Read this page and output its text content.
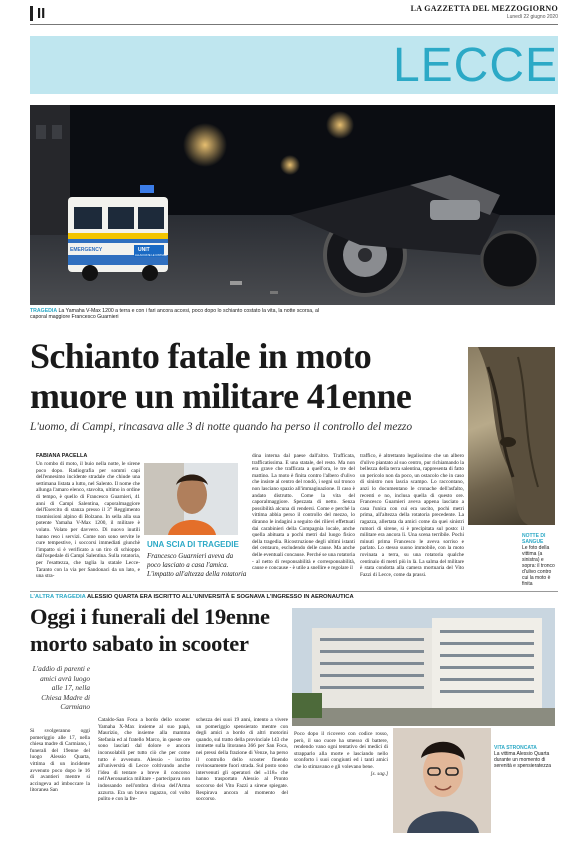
II	LA GAZZETTA DEL MEZZOGIORNO
Lunedì 22 giugno 2020
LECCE
EMERGENCY	UNIT
ALLACCIATE LE CINTURE
TRAGEDIA La Yamaha V-Max 1200 a terra e con i fari ancora accesi, poco dopo lo schianto costato la vita, la notte scorsa, al caporal maggiore Francesco Guarnieri
Schianto fatale in moto
muore un militare 41enne
L'uomo, di Campi, rincasava alle 3 di notte quando ha perso il controllo del mezzo
NOTTE DI SANGUE
Le foto della vittima (a sinistra) e sopra: il tronco d'ulivo contro cui la moto è finita
FABIANA PACELLA
Un rombo di moto, il buio nella notte, le sirene poco dopo. Radiografia per sommi capi dell'ennesimo incidente stradale che chiude una settimana listata a lutto, nel Salento. Il nome che allunga l'amaro elenco, stavolta, ultimo in ordine di tempo, è quello di Francesco Guarnieri, 41 anni di Campi Salentina, caporalmaggiore dell'Esercito di stanza presso il 3° Reggimento trasmissioni alpino di Bolzano. In sella alla sua potente Yamaha V-Max 1200, il militare è volato. Volato per davvero. Di nuovo inutili hanno reso i servizi. Come non sono servite le cure tempestive, i soccorsi immediati giunchè l'impatto si è verificato a un tiro di schioppo dall'ospedale di Campi Salentina. Sulla rotatoria, per l'esattezza, che taglia la statale Lecce-Taranto con la via per Sandonaci da un lato, e una stra-
UNA SCIA DI TRAGEDIE
Francesco Guarnieri aveva da poco lasciato a casa l'amica. L'impatto all'altezza della rotatoria
dina interna dal paese dall'altro. Trafficata, trafficatissima. E una statale, del resto. Ma non era grave che trafficata a quell'ora, le tre del mattino. La moto è finita contro l'albero d'ulivo che insiste al centro del rondò, i segni sul tronco non lasciano spazio all'immaginazione. Il caso è andato distrutto. Come la vita del caporalmaggiore. Spezzata di netto. Senza possibilità alcuna di rendersi. Come e perché la vittima abbia perso il controllo del mezzo, lo diranno le indagini a seguito dei rilievi effettuati dai carabinieri della Compagnia locale, anche quella abituata a pochi metri dal luogo fisico della tragedia. Ricostruzione degli ultimi istanti del centauro, escludendo delle cause. Ma anche delle eventuali concause. Perché se una rotatoria - al netto di responsabilità e corresponsabilità, cause e concause - è utile a snellire e regolare il
traffico, è altrettanto legalissimo che un albero d'ulivo piantato al suo centro, pur richiamando la bellezza della terra salentina, rappresenta di fatto un pericolo non da poco, un ostacolo che in caso di sinistro non lascia scampo. Lo raccontano, anzi lo documentano le cronache dell'asfalto, recenti e no, inclusa quella di questo ore. Francesco Guarnieri aveva appena lasciato a casa l'unica con cui era uscito, pochi metri prima, all'altezza della rotatoria precedente. La ragazza, allertata da amici come da quei sinistri rumori di sirene, si è precipitata sul posto: il militare era ancora lì. Una scena terribile. Pochi minuti prima Francesco le aveva sorriso e parlato. Lo stesso suono immobile, con la moto rovinata a terra, su una rotatoria qualche centinaio di metri più in là. La salma del militare è stata condotta alla camera mortuaria del Vito Fazzi di Lecce, come da prassi.
L'ALTRA TRAGEDIA ALESSIO QUARTA ERA ISCRITTO ALL'UNIVERSITÀ E SOGNAVA L'INGRESSO IN AERONAUTICA
Oggi i funerali del 19enne
morto sabato in scooter
L'addio di parenti e amici avrà luogo alle 17, nella Chiesa Madre di Carmiano
Si svolgeranno oggi pomeriggio alle 17, nella chiesa madre di Carmiano, i funerali del 19enne del luogo Alessio Quarta, vittima di un incidente avvenuto poco dopo le 16 di avantieri mentre si accingeva ad imboccare la litoranea San
Cataldo-San Foca a bordo dello scooter Yamaha X-Max insieme al suo papà, Maurizio, che insieme alla mamma Stefania ed al fratello Marco, in queste ore sono lasciati dal dolore e ancora inconsolabili per tutto ciò che per come tutto è avvenuto. Alessio - iscritto all'università di Lecce coltivando anche l'idea di tentare a breve il concorso nell'Aeronautica militare - partecipava non indossando nell'ombra divisa dell'Arma azzurra. Era un bravo ragazzo, col volto pulito e con la fre-
schezza dei suoi 19 anni, intento a vivere un pomeriggio spensierato mentre con degli amici a bordo di altri motorini quando, sul tratto della provinciale 143 che immette sulla litoranea 366 per San Foca, nei pressi della frazione di Venze, ha perso il controllo dello scooter finendo rovinosamente fuori strada. Sul posto sono intervenuti gli operatori del «118» che hanno trasportato Alessio al Pronto soccorso del Vito Fazzi a sirene spiegate. Respirava ancora al momento del soccorso.
Poco dopo il ricovero con codice rosso, però, il suo cuore ha smesso di battere, rendendo vano ogni tentativo dei medici di strapparlo alla morte e lasciando nello sconforto i suoi congiunti ed i tanti amici che lo stimavano e gli volevano bene.
[s. sag.]
VITA STRONCATA
La vittima Alessio Quarta durante un momento di serenità e spensieratezza
